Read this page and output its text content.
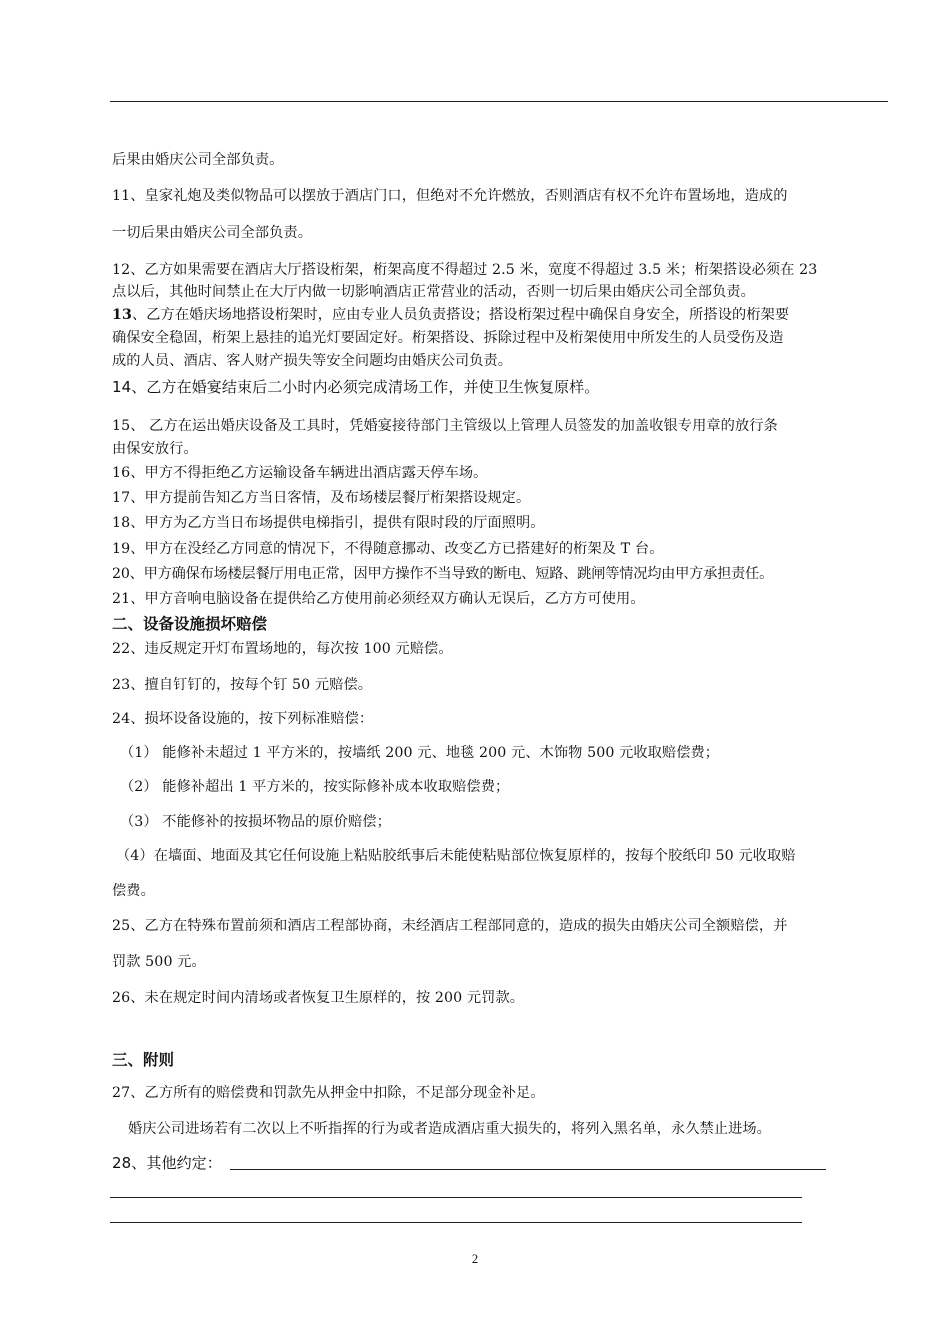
后果由婚庆公司全部负责。
11、皇家礼炮及类似物品可以摆放于酒店门口，但绝对不允许燃放，否则酒店有权不允许布置场地，造成的
一切后果由婚庆公司全部负责。
12、乙方如果需要在酒店大厅搭设桁架，桁架高度不得超过 2.5 米，宽度不得超过 3.5 米；桁架搭设必须在 23
点以后，其他时间禁止在大厅内做一切影响酒店正常营业的活动，否则一切后果由婚庆公司全部负责。
13、乙方在婚庆场地搭设桁架时，应由专业人员负责搭设；搭设桁架过程中确保自身安全，所搭设的桁架要
确保安全稳固，桁架上悬挂的追光灯要固定好。桁架搭设、拆除过程中及桁架使用中所发生的人员受伤及造
成的人员、酒店、客人财产损失等安全问题均由婚庆公司负责。
14、乙方在婚宴结束后二小时内必须完成清场工作，并使卫生恢复原样。
15、 乙方在运出婚庆设备及工具时，凭婚宴接待部门主管级以上管理人员签发的加盖收银专用章的放行条
由保安放行。
16、甲方不得拒绝乙方运输设备车辆进出酒店露天停车场。
17、甲方提前告知乙方当日客情，及布场楼层餐厅桁架搭设规定。
18、甲方为乙方当日布场提供电梯指引，提供有限时段的厅面照明。
19、甲方在没经乙方同意的情况下，不得随意挪动、改变乙方已搭建好的桁架及 T 台。
20、甲方确保布场楼层餐厅用电正常，因甲方操作不当导致的断电、短路、跳闸等情况均由甲方承担责任。
21、甲方音响电脑设备在提供给乙方使用前必须经双方确认无误后，乙方方可使用。
二、设备设施损坏赔偿
22、违反规定开灯布置场地的，每次按 100 元赔偿。
23、擅自钉钉的，按每个钉 50 元赔偿。
24、损坏设备设施的，按下列标准赔偿：
（1） 能修补未超过 1 平方米的，按墙纸 200 元、地毯 200 元、木饰物 500 元收取赔偿费；
（2） 能修补超出 1 平方米的，按实际修补成本收取赔偿费；
（3） 不能修补的按损坏物品的原价赔偿；
（4）在墙面、地面及其它任何设施上粘贴胶纸事后未能使粘贴部位恢复原样的，按每个胶纸印 50 元收取赔
偿费。
25、乙方在特殊布置前须和酒店工程部协商，未经酒店工程部同意的，造成的损失由婚庆公司全额赔偿，并
罚款 500 元。
26、未在规定时间内清场或者恢复卫生原样的，按 200 元罚款。
三、附则
27、乙方所有的赔偿费和罚款先从押金中扣除，不足部分现金补足。
婚庆公司进场若有二次以上不听指挥的行为或者造成酒店重大损失的，将列入黑名单，永久禁止进场。
28、其他约定：
2
